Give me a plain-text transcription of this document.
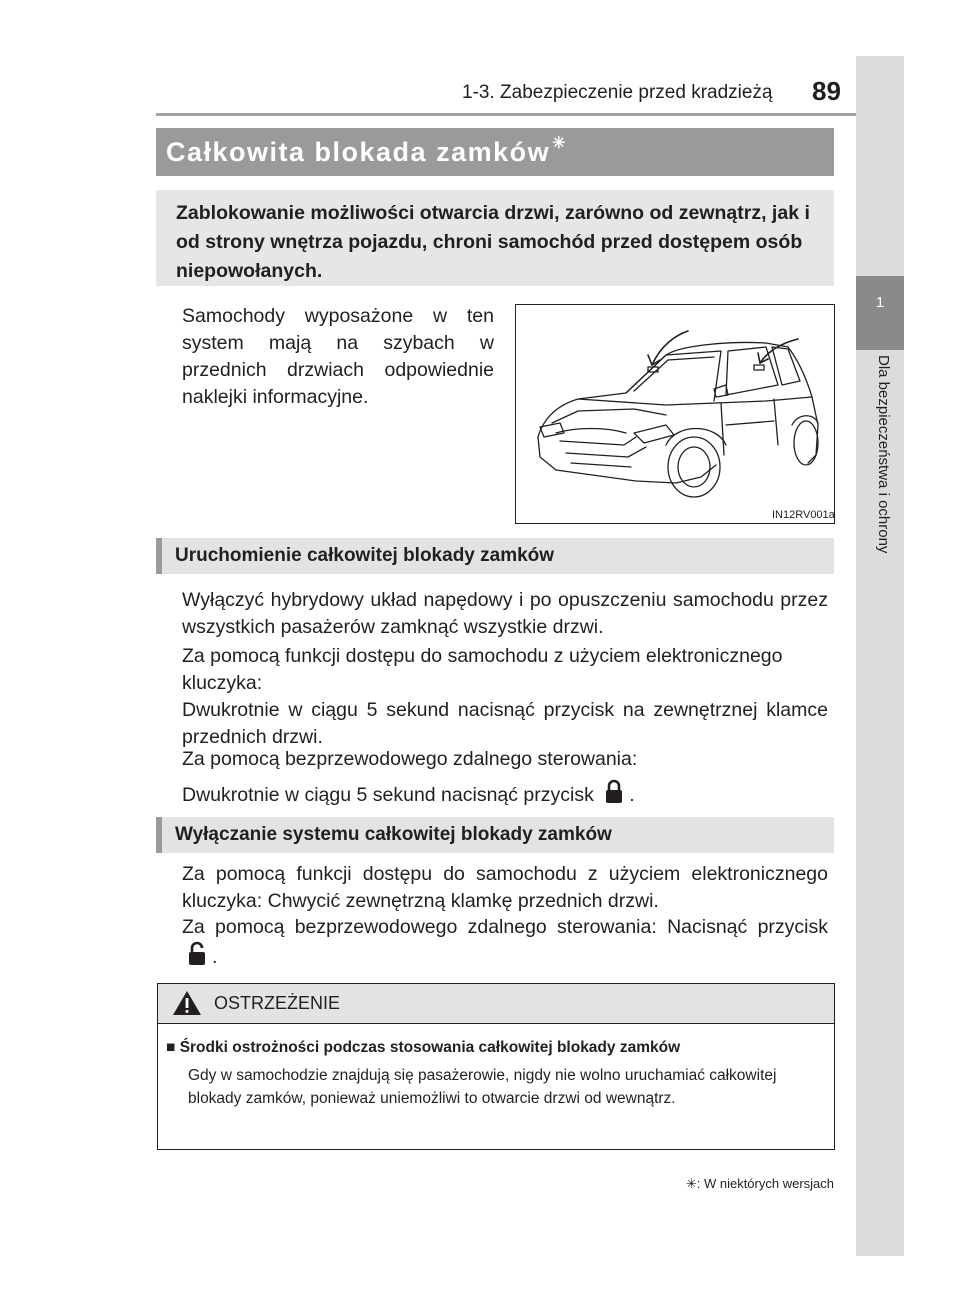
1-3. Zabezpieczenie przed kradzieżą 89
1
Dla bezpieczeństwa i ochrony
Całkowita blokada zamków ✳
Zablokowanie możliwości otwarcia drzwi, zarówno od zewnątrz, jak i od strony wnętrza pojazdu, chroni samochód przed dostępem osób niepowołanych.
Samochody wyposażone w ten system mają na szybach w przednich drzwiach odpowiednie naklejki informacyjne.
IN12RV001a
Uruchomienie całkowitej blokady zamków
Wyłączyć hybrydowy układ napędowy i po opuszczeniu samochodu przez wszystkich pasażerów zamknąć wszystkie drzwi.
Za pomocą funkcji dostępu do samochodu z użyciem elektronicznego kluczyka:
Dwukrotnie w ciągu 5 sekund nacisnąć przycisk na zewnętrznej klamce przednich drzwi.
Za pomocą bezprzewodowego zdalnego sterowania:
Dwukrotnie w ciągu 5 sekund nacisnąć przycisk .
Wyłączanie systemu całkowitej blokady zamków
Za pomocą funkcji dostępu do samochodu z użyciem elektronicznego kluczyka: Chwycić zewnętrzną klamkę przednich drzwi.
Za pomocą bezprzewodowego zdalnego sterowania: Nacisnąć przycisk .
OSTRZEŻENIE
■ Środki ostrożności podczas stosowania całkowitej blokady zamków
Gdy w samochodzie znajdują się pasażerowie, nigdy nie wolno uruchamiać całkowitej blokady zamków, ponieważ uniemożliwi to otwarcie drzwi od wewnątrz.
✳: W niektórych wersjach
